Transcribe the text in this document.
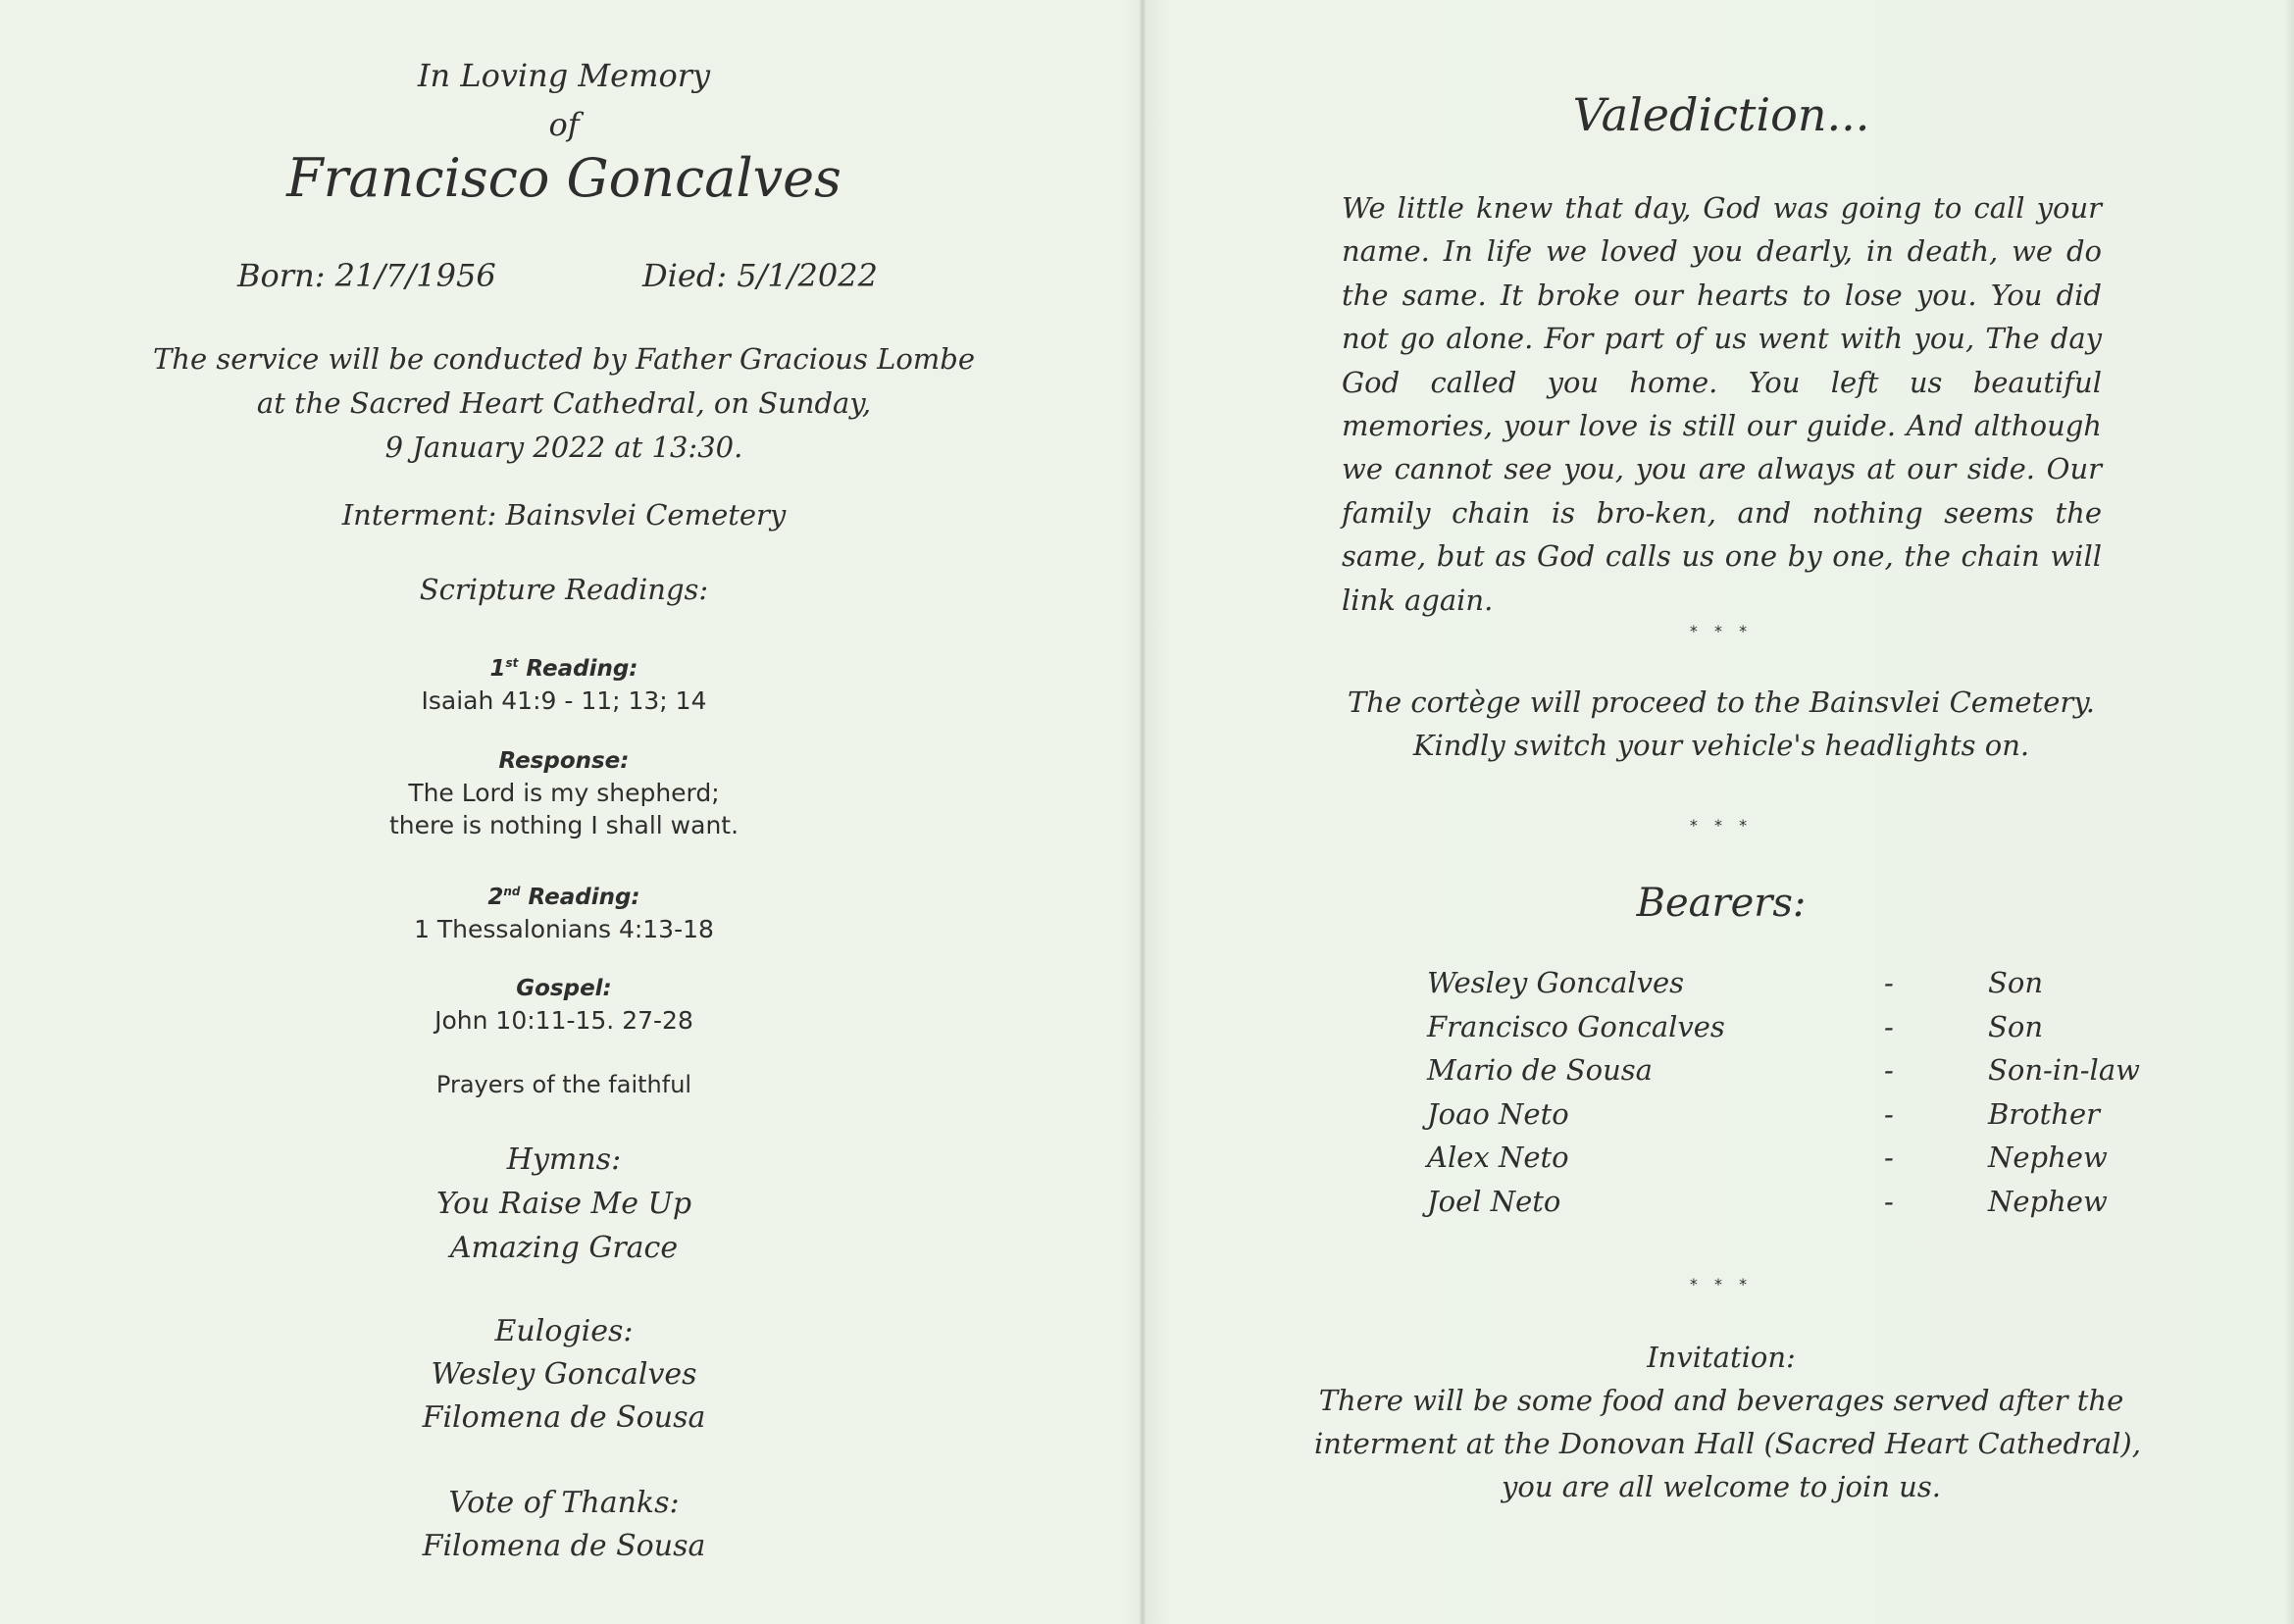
In Loving Memory
of
Francisco Goncalves
Born: 21/7/1956	Died: 5/1/2022
The service will be conducted by Father Gracious Lombe
at the Sacred Heart Cathedral, on Sunday,
9 January 2022 at 13:30.
Interment: Bainsvlei Cemetery
Scripture Readings:
1st Reading:
Isaiah 41:9 - 11; 13; 14
Response:
The Lord is my shepherd;
there is nothing I shall want.
2nd Reading:
1 Thessalonians 4:13-18
Gospel:
John 10:11-15. 27-28
Prayers of the faithful
Hymns:
You Raise Me Up
Amazing Grace
Eulogies:
Wesley Goncalves
Filomena de Sousa
Vote of Thanks:
Filomena de Sousa
Valediction...
We little knew that day, God was going to call your name. In life we loved you dearly, in death, we do the same. It broke our hearts to lose you. You did not go alone. For part of us went with you, The day God called you home. You left us beautiful memories, your love is still our guide. And although we cannot see you, you are always at our side. Our family chain is bro-ken, and nothing seems the same, but as God calls us one by one, the chain will link again.
* * *
The cortège will proceed to the Bainsvlei Cemetery.
Kindly switch your vehicle's headlights on.
* * *
Bearers:
Wesley Goncalves	-	Son
Francisco Goncalves	-	Son
Mario de Sousa	-	Son-in-law
Joao Neto	-	Brother
Alex Neto	-	Nephew
Joel Neto	-	Nephew
* * *
Invitation:
There will be some food and beverages served after the
interment at the Donovan Hall (Sacred Heart Cathedral),
you are all welcome to join us.
